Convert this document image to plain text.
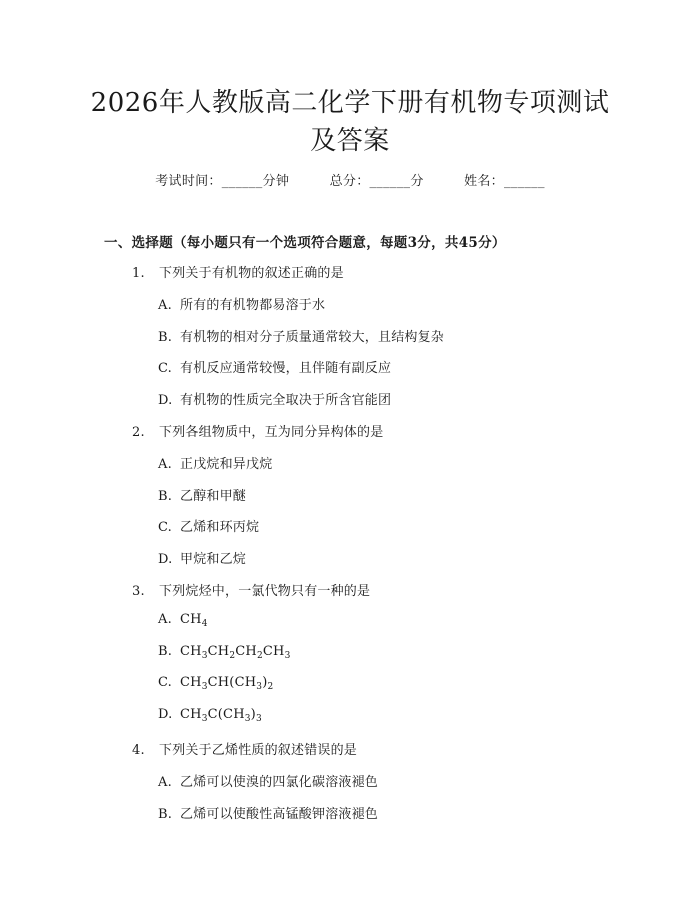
2026年人教版高二化学下册有机物专项测试
及答案
考试时间：______分钟	总分：______分	姓名：______
一、选择题（每小题只有一个选项符合题意，每题3分，共45分）
1. 下列关于有机物的叙述正确的是
A. 所有的有机物都易溶于水
B. 有机物的相对分子质量通常较大，且结构复杂
C. 有机反应通常较慢，且伴随有副反应
D. 有机物的性质完全取决于所含官能团
2. 下列各组物质中，互为同分异构体的是
A. 正戊烷和异戊烷
B. 乙醇和甲醚
C. 乙烯和环丙烷
D. 甲烷和乙烷
3. 下列烷烃中，一氯代物只有一种的是
A. $CH_4$
B. $CH_3CH_2CH_2CH_3$
C. $CH_3CH(CH_3)_2$
D. $CH_3C(CH_3)_3$
4. 下列关于乙烯性质的叙述错误的是
A. 乙烯可以使溴的四氯化碳溶液褪色
B. 乙烯可以使酸性高锰酸钾溶液褪色
